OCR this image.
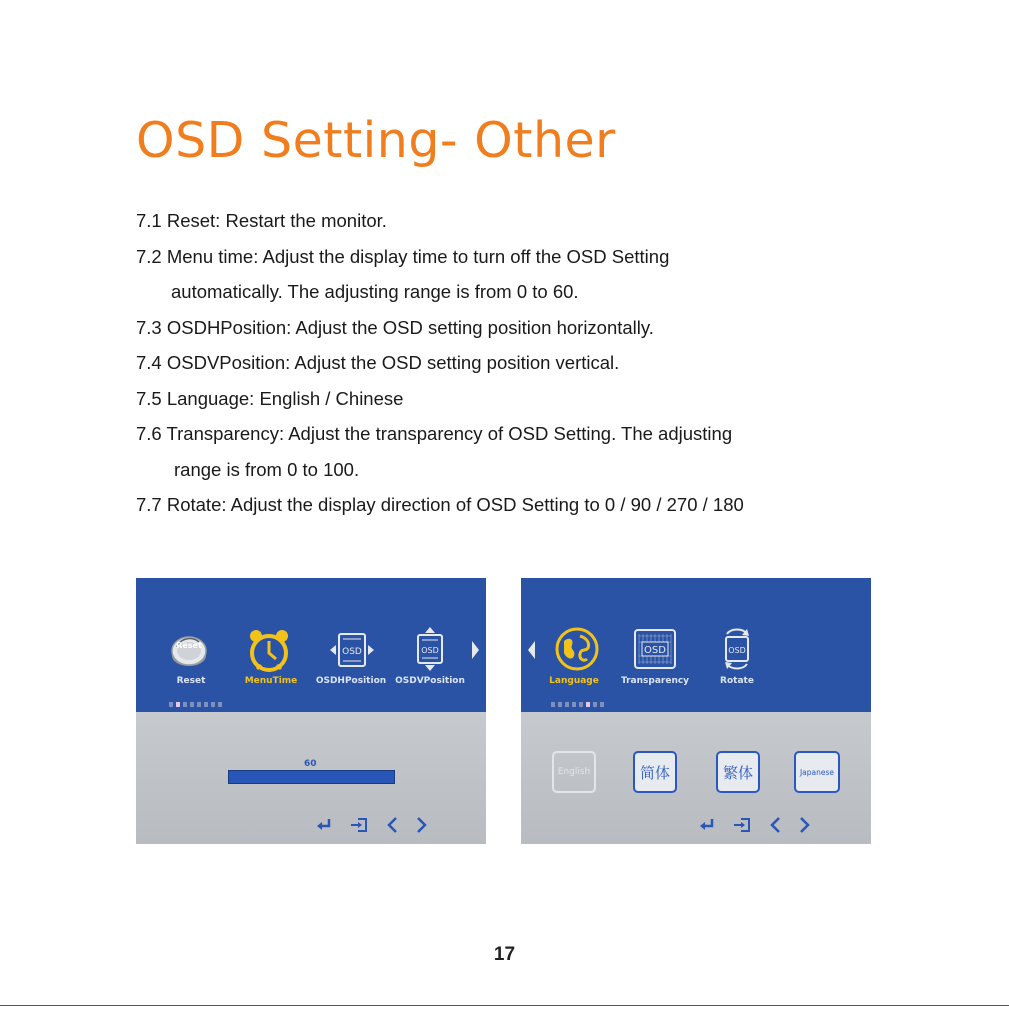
OSD Setting- Other
7.1 Reset: Restart the monitor.
7.2 Menu time: Adjust the display time to turn off the OSD Setting
automatically. The adjusting range is from 0 to 60.
7.3 OSDHPosition: Adjust the OSD setting position horizontally.
7.4 OSDVPosition: Adjust the OSD setting position vertical.
7.5 Language: English / Chinese
7.6 Transparency: Adjust the transparency of OSD Setting. The adjusting
range is from 0 to 100.
7.7 Rotate: Adjust the display direction of OSD Setting to 0 / 90 / 270 / 180
Reset
Reset	MenuTime
OSD
OSDHPosition
OSD
OSDVPosition
60
Language
OSD
Transparency
OSD
Rotate
English	简体	繁体	Japanese
17
